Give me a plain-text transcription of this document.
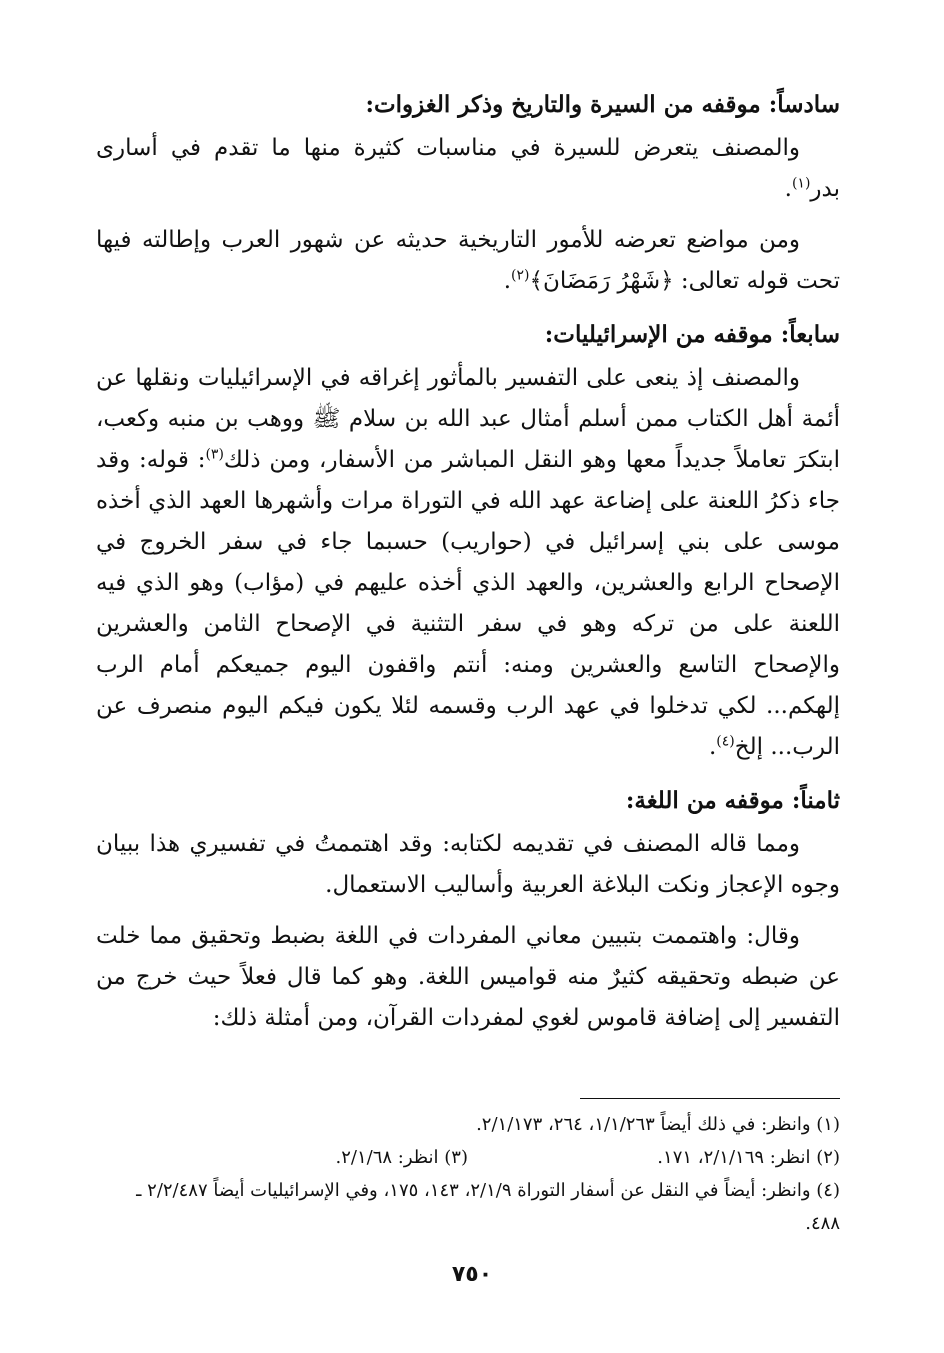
سادساً: موقفه من السيرة والتاريخ وذكر الغزوات:

والمصنف يتعرض للسيرة في مناسبات كثيرة منها ما تقدم في أسارى بدر$^{(١)}$.

ومن مواضع تعرضه للأمور التاريخية حديثه عن شهور العرب وإطالته فيها تحت قوله تعالى: ﴿شَهْرُ رَمَضَانَ﴾$^{(٢)}$.

سابعاً: موقفه من الإسرائيليات:

والمصنف إذ ينعى على التفسير بالمأثور إغراقه في الإسرائيليات ونقلها عن أئمة أهل الكتاب ممن أسلم أمثال عبد الله بن سلام ﷺ ووهب بن منبه وكعب، ابتكرَ تعاملاً جديداً معها وهو النقل المباشر من الأسفار، ومن ذلك$^{(٣)}$: قوله: وقد جاء ذكرُ اللعنة على إضاعة عهد الله في التوراة مرات وأشهرها العهد الذي أخذه موسى على بني إسرائيل في (حواريب) حسبما جاء في سفر الخروج في الإصحاح الرابع والعشرين، والعهد الذي أخذه عليهم في (مؤاب) وهو الذي فيه اللعنة على من تركه وهو في سفر التثنية في الإصحاح الثامن والعشرين والإصحاح التاسع والعشرين ومنه: أنتم واقفون اليوم جميعكم أمام الرب إلهكم... لكي تدخلوا في عهد الرب وقسمه لئلا يكون فيكم اليوم منصرف عن الرب... إلخ$^{(٤)}$.

ثامناً: موقفه من اللغة:

ومما قاله المصنف في تقديمه لكتابه: وقد اهتممتُ في تفسيري هذا ببيان وجوه الإعجاز ونكت البلاغة العربية وأساليب الاستعمال.

وقال: واهتممت بتبيين معاني المفردات في اللغة بضبط وتحقيق مما خلت عن ضبطه وتحقيقه كثيرٌ منه قواميس اللغة. وهو كما قال فعلاً حيث خرج من التفسير إلى إضافة قاموس لغوي لمفردات القرآن، ومن أمثلة ذلك:

(١) وانظر: في ذلك أيضاً ١/١/٢٦٣، ٢٦٤، ٢/١/١٧٣.

(٢) انظر: ٢/١/١٦٩، ١٧١.

(٣) انظر: ٢/١/٦٨.

(٤) وانظر: أيضاً في النقل عن أسفار التوراة ٢/١/٩، ١٤٣، ١٧٥، وفي الإسرائيليات أيضاً ٢/٢/٤٨٧ ـ ٤٨٨.

٧٥٠
